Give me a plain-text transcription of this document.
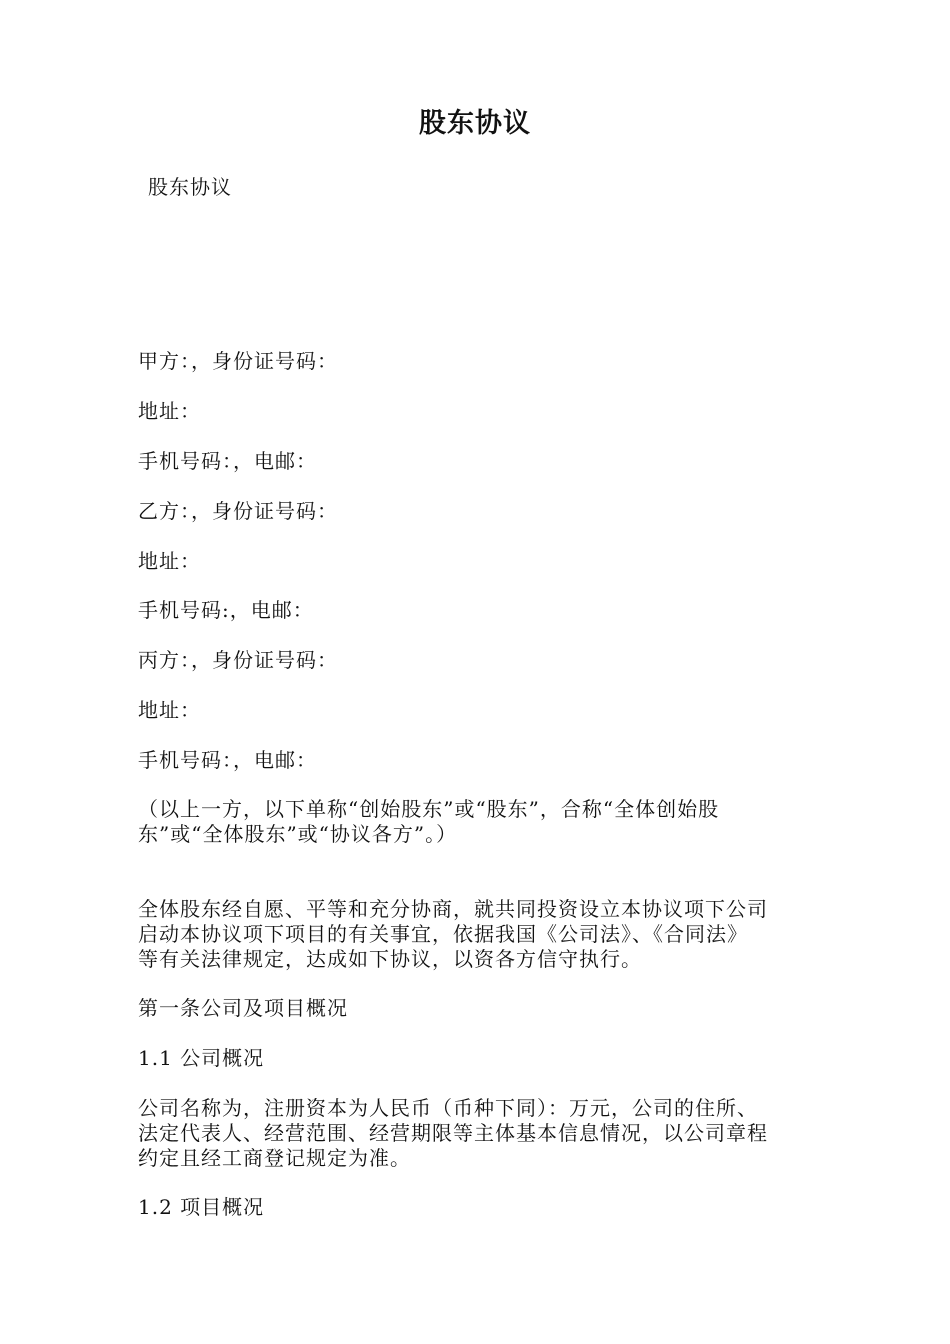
股东协议
股东协议
甲方：，身份证号码：
地址：
手机号码：，电邮：
乙方：，身份证号码：
地址：
手机号码:，电邮：
丙方：，身份证号码：
地址：
手机号码：，电邮：
（以上一方，以下单称“创始股东”或“股东”，合称“全体创始股
东”或“全体股东”或“协议各方”。）
全体股东经自愿、平等和充分协商，就共同投资设立本协议项下公司
启动本协议项下项目的有关事宜，依据我国《公司法》、《合同法》
等有关法律规定，达成如下协议，以资各方信守执行。
第一条公司及项目概况
1.1 公司概况
公司名称为，注册资本为人民币（币种下同）：万元，公司的住所、
法定代表人、经营范围、经营期限等主体基本信息情况，以公司章程
约定且经工商登记规定为准。
1.2 项目概况
